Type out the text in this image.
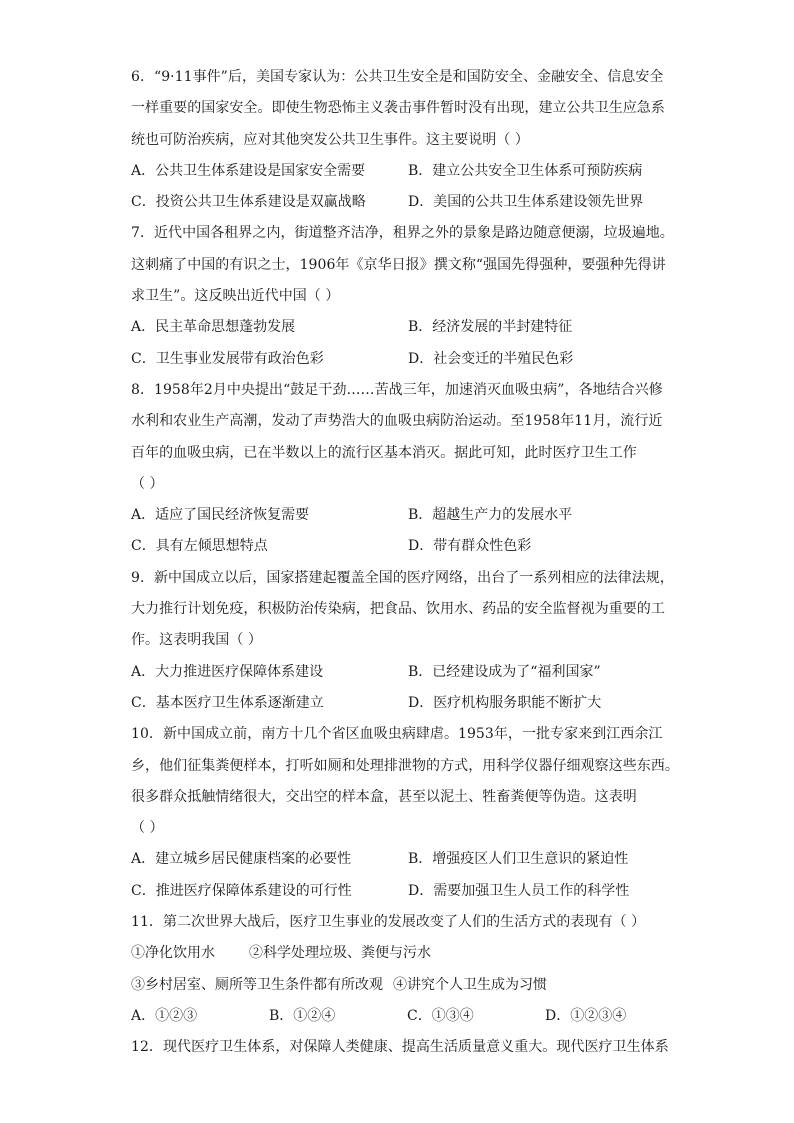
6．“9·11事件”后，美国专家认为：公共卫生安全是和国防安全、金融安全、信息安全
一样重要的国家安全。即使生物恐怖主义袭击事件暂时没有出现，建立公共卫生应急系
统也可防治疾病，应对其他突发公共卫生事件。这主要说明（ ）
A．公共卫生体系建设是国家安全需要	B．建立公共安全卫生体系可预防疾病
C．投资公共卫生体系建设是双赢战略	D．美国的公共卫生体系建设领先世界
7．近代中国各租界之内，街道整齐洁净，租界之外的景象是路边随意便溺，垃圾遍地。
这刺痛了中国的有识之士，1906年《京华日报》撰文称“强国先得强种，要强种先得讲
求卫生”。这反映出近代中国（ ）
A．民主革命思想蓬勃发展	B．经济发展的半封建特征
C．卫生事业发展带有政治色彩	D．社会变迁的半殖民色彩
8．1958年2月中央提出“鼓足干劲……苦战三年，加速消灭血吸虫病”，各地结合兴修
水利和农业生产高潮，发动了声势浩大的血吸虫病防治运动。至1958年11月，流行近
百年的血吸虫病，已在半数以上的流行区基本消灭。据此可知，此时医疗卫生工作
（ ）
A．适应了国民经济恢复需要	B．超越生产力的发展水平
C．具有左倾思想特点	D．带有群众性色彩
9．新中国成立以后，国家搭建起覆盖全国的医疗网络，出台了一系列相应的法律法规，
大力推行计划免疫，积极防治传染病，把食品、饮用水、药品的安全监督视为重要的工
作。这表明我国（ ）
A．大力推进医疗保障体系建设	B．已经建设成为了“福利国家”
C．基本医疗卫生体系逐渐建立	D．医疗机构服务职能不断扩大
10．新中国成立前，南方十几个省区血吸虫病肆虐。1953年，一批专家来到江西余江
乡，他们征集粪便样本，打听如厕和处理排泄物的方式，用科学仪器仔细观察这些东西。
很多群众抵触情绪很大，交出空的样本盒，甚至以泥土、牲畜粪便等伪造。这表明
（ ）
A．建立城乡居民健康档案的必要性	B．增强疫区人们卫生意识的紧迫性
C．推进医疗保障体系建设的可行性	D．需要加强卫生人员工作的科学性
11．第二次世界大战后，医疗卫生事业的发展改变了人们的生活方式的表现有（ ）
①净化饮用水 ②科学处理垃圾、粪便与污水
③乡村居室、厕所等卫生条件都有所改观 ④讲究个人卫生成为习惯
A．①②③	B．①②④	C．①③④	D．①②③④
12．现代医疗卫生体系，对保障人类健康、提高生活质量意义重大。现代医疗卫生体系
